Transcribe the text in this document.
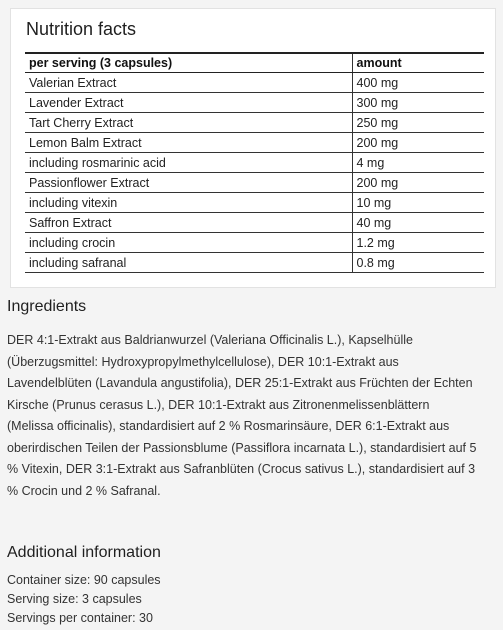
Nutrition facts
per serving (3 capsules)	amount
Valerian Extract	400 mg
Lavender Extract	300 mg
Tart Cherry Extract	250 mg
Lemon Balm Extract	200 mg
including rosmarinic acid	4 mg
Passionflower Extract	200 mg
including vitexin	10 mg
Saffron Extract	40 mg
including crocin	1.2 mg
including safranal	0.8 mg
Ingredients

DER 4:1-Extrakt aus Baldrianwurzel (Valeriana Officinalis L.), Kapselhülle (Überzugsmittel: Hydroxypropylmethylcellulose), DER 10:1-Extrakt aus Lavendelblüten (Lavandula angustifolia), DER 25:1-Extrakt aus Früchten der Echten Kirsche (Prunus cerasus L.), DER 10:1-Extrakt aus Zitronenmelissenblättern (Melissa officinalis), standardisiert auf 2 % Rosmarinsäure, DER 6:1-Extrakt aus oberirdischen Teilen der Passionsblume (Passiflora incarnata L.), standardisiert auf 5 % Vitexin, DER 3:1-Extrakt aus Safranblüten (Crocus sativus L.), standardisiert auf 3 % Crocin und 2 % Safranal.

Additional information
Container size: 90 capsules
Serving size: 3 capsules
Servings per container: 30
